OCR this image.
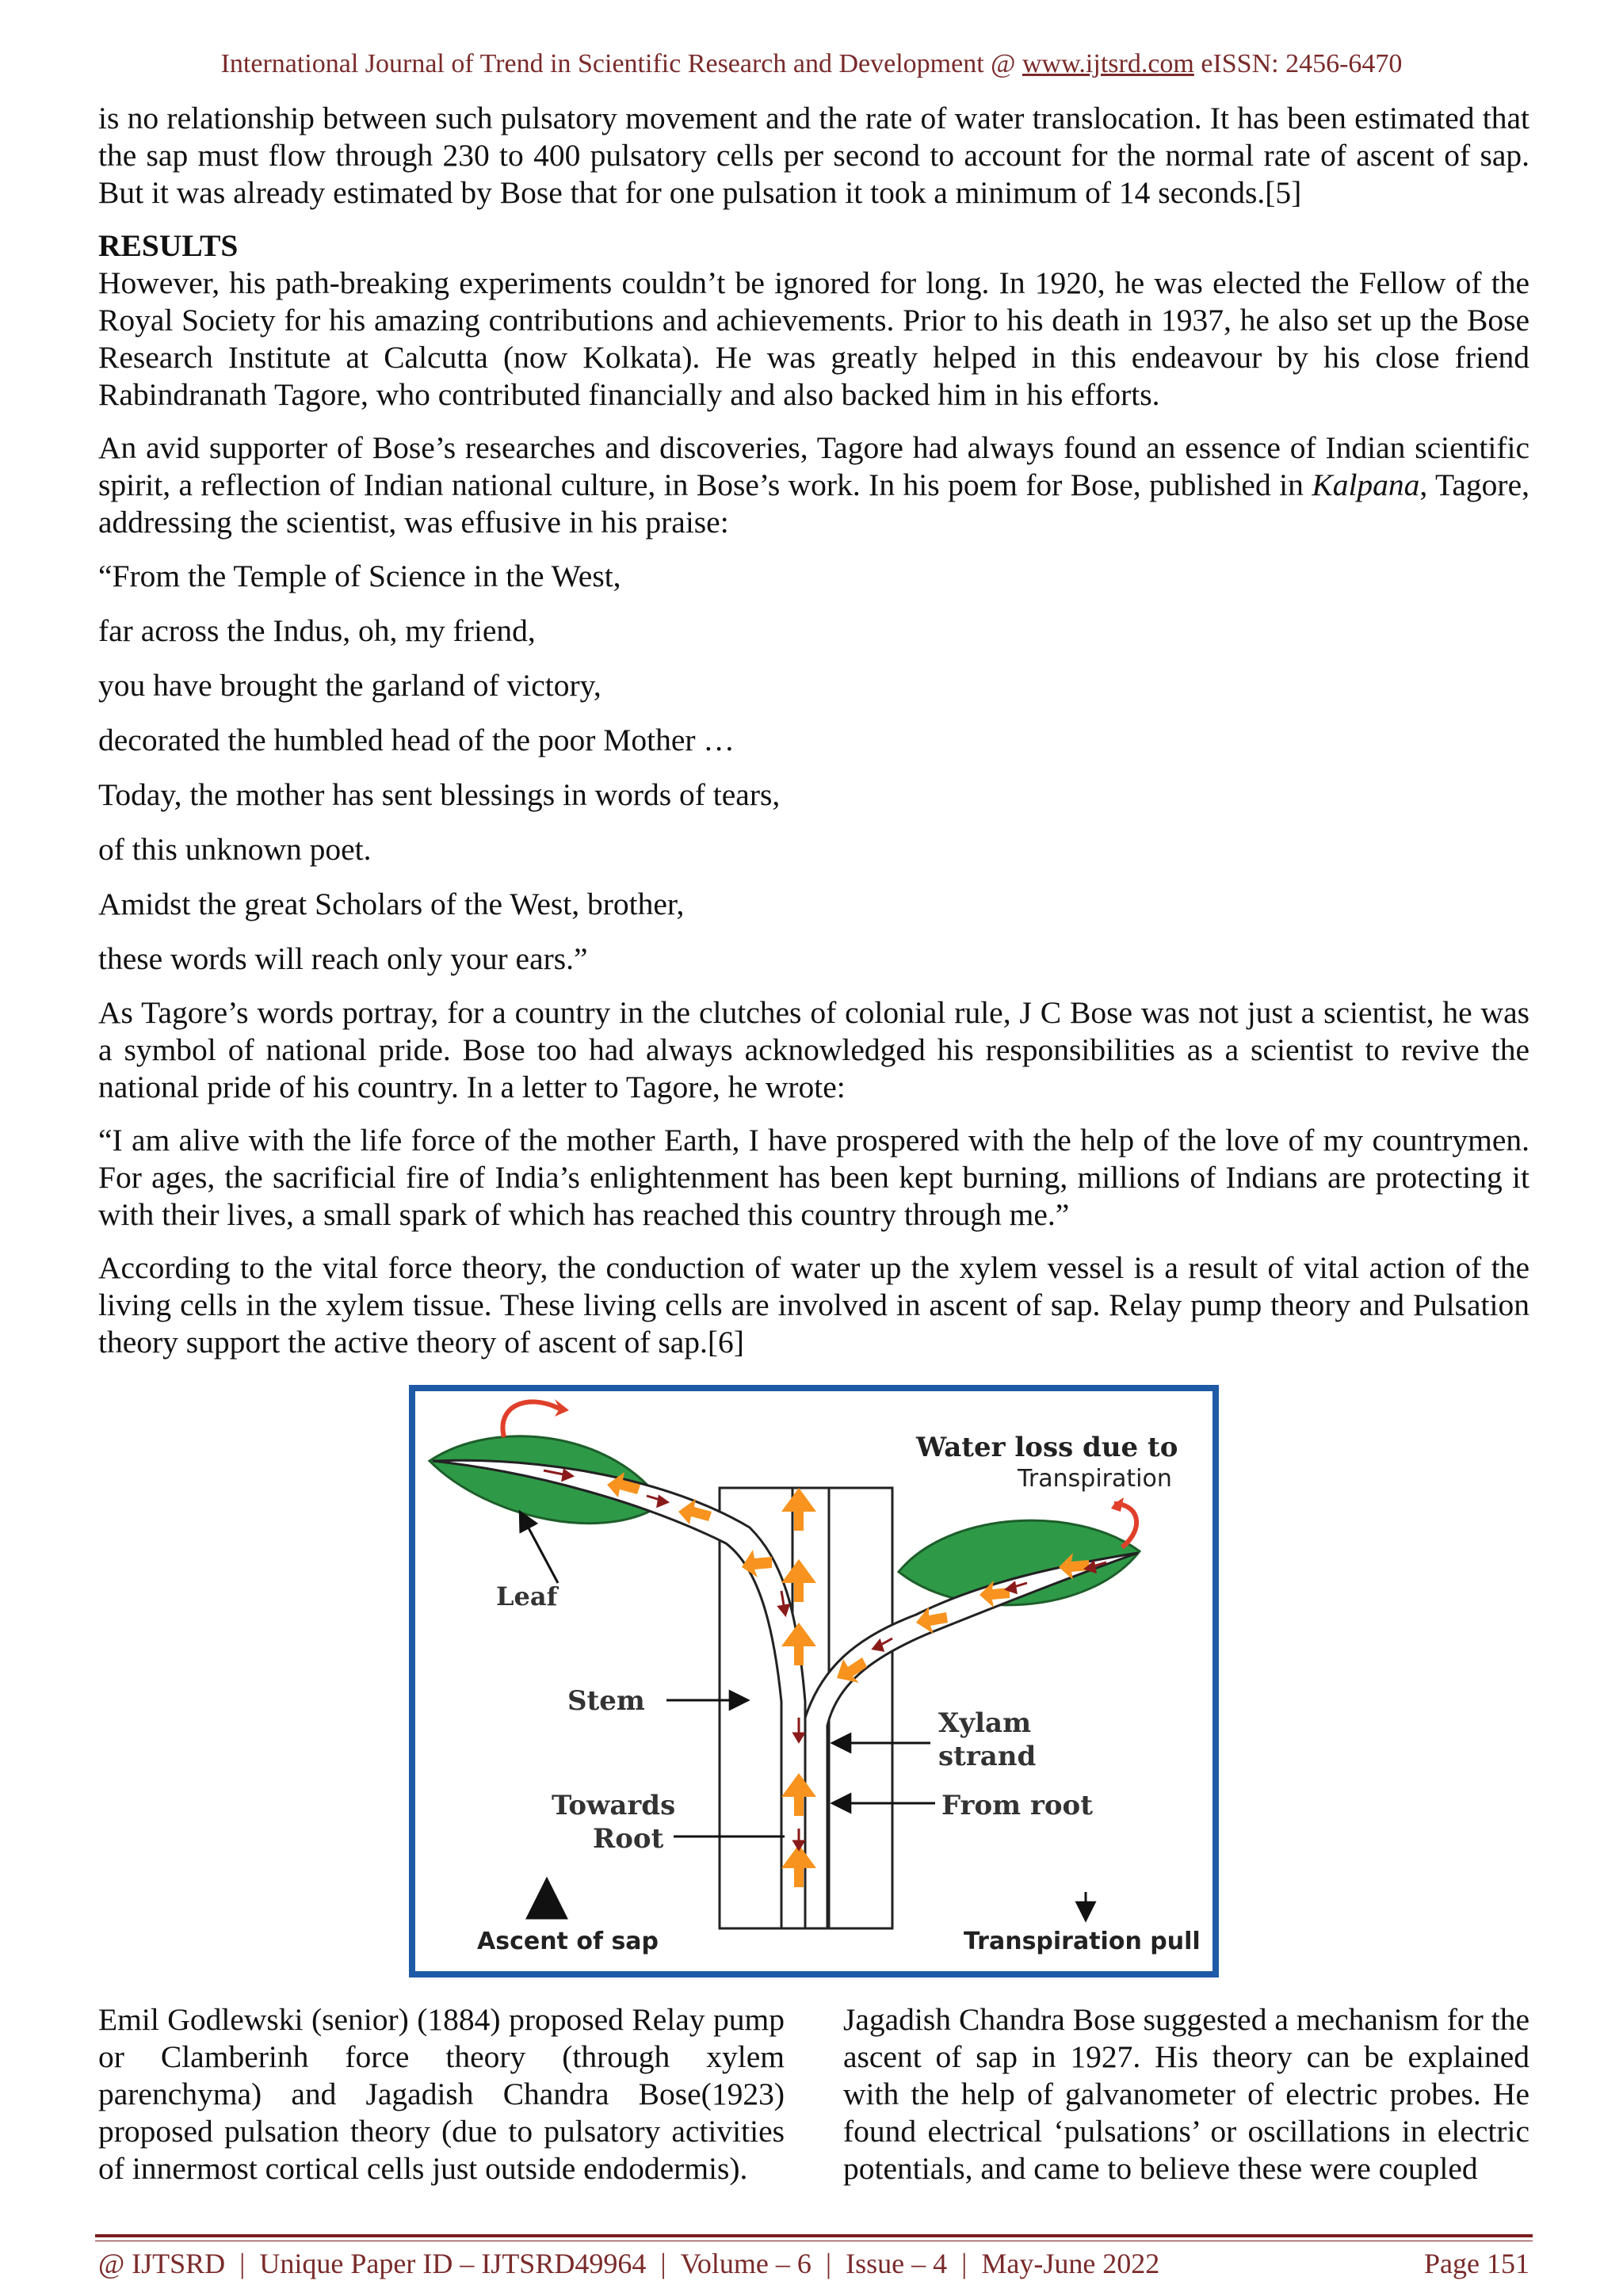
International Journal of Trend in Scientific Research and Development @ www.ijtsrd.com eISSN: 2456-6470

is no relationship between such pulsatory movement and the rate of water translocation. It has been estimated that the sap must flow through 230 to 400 pulsatory cells per second to account for the normal rate of ascent of sap. But it was already estimated by Bose that for one pulsation it took a minimum of 14 seconds.[5]

RESULTS

However, his path-breaking experiments couldn’t be ignored for long. In 1920, he was elected the Fellow of the Royal Society for his amazing contributions and achievements. Prior to his death in 1937, he also set up the Bose Research Institute at Calcutta (now Kolkata). He was greatly helped in this endeavour by his close friend Rabindranath Tagore, who contributed financially and also backed him in his efforts.

An avid supporter of Bose’s researches and discoveries, Tagore had always found an essence of Indian scientific spirit, a reflection of Indian national culture, in Bose’s work. In his poem for Bose, published in Kalpana, Tagore, addressing the scientist, was effusive in his praise:

“From the Temple of Science in the West,

far across the Indus, oh, my friend,

you have brought the garland of victory,

decorated the humbled head of the poor Mother …

Today, the mother has sent blessings in words of tears,

of this unknown poet.

Amidst the great Scholars of the West, brother,

these words will reach only your ears.”

As Tagore’s words portray, for a country in the clutches of colonial rule, J C Bose was not just a scientist, he was a symbol of national pride. Bose too had always acknowledged his responsibilities as a scientist to revive the national pride of his country. In a letter to Tagore, he wrote:

“I am alive with the life force of the mother Earth, I have prospered with the help of the love of my countrymen. For ages, the sacrificial fire of India’s enlightenment has been kept burning, millions of Indians are protecting it with their lives, a small spark of which has reached this country through me.”

According to the vital force theory, the conduction of water up the xylem vessel is a result of vital action of the living cells in the xylem tissue. These living cells are involved in ascent of sap. Relay pump theory and Pulsation theory support the active theory of ascent of sap.[6]

Water loss due to
Transpiration
Leaf
Stem
Xylam
strand
Towards
Root
From root
Ascent of sap	Transpiration pull

Emil Godlewski (senior) (1884) proposed Relay pump or Clamberinh force theory (through xylem parenchyma) and Jagadish Chandra Bose(1923) proposed pulsation theory (due to pulsatory activities of innermost cortical cells just outside endodermis).

Jagadish Chandra Bose suggested a mechanism for the ascent of sap in 1927. His theory can be explained with the help of galvanometer of electric probes. He found electrical ‘pulsations’ or oscillations in electric potentials, and came to believe these were coupled

@ IJTSRD | Unique Paper ID – IJTSRD49964 | Volume – 6 | Issue – 4 | May-June 2022	Page 151
